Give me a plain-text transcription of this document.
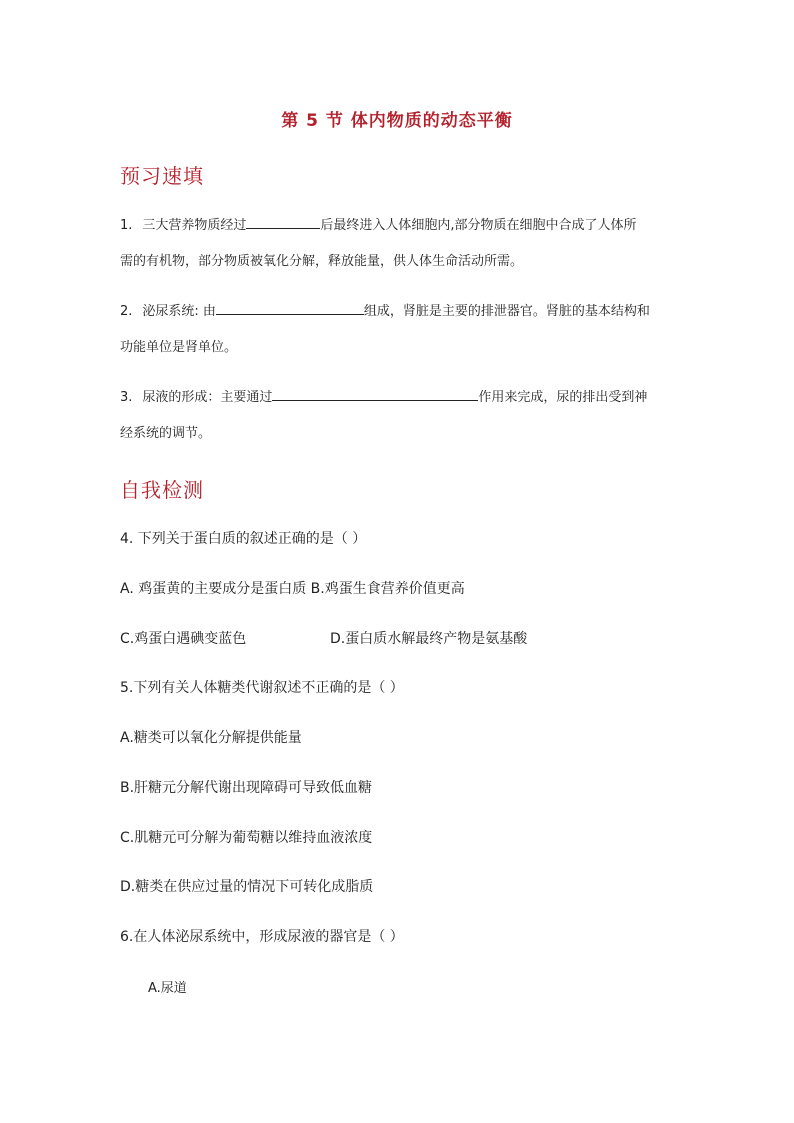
第 5 节 体内物质的动态平衡
预习速填
1. 三大营养物质经过	后最终进入人体细胞内,部分物质在细胞中合成了人体所
需的有机物，部分物质被氧化分解，释放能量，供人体生命活动所需。
2. 泌尿系统: 由	组成，肾脏是主要的排泄器官。肾脏的基本结构和
功能单位是肾单位。
3. 尿液的形成：主要通过	作用来完成，尿的排出受到神
经系统的调节。
自我检测
4. 下列关于蛋白质的叙述正确的是（ ）
A. 鸡蛋黄的主要成分是蛋白质 B.鸡蛋生食营养价值更高
C.鸡蛋白遇碘变蓝色	D.蛋白质水解最终产物是氨基酸
5.下列有关人体糖类代谢叙述不正确的是（ ）
A.糖类可以氧化分解提供能量
B.肝糖元分解代谢出现障碍可导致低血糖
C.肌糖元可分解为葡萄糖以维持血液浓度
D.糖类在供应过量的情况下可转化成脂质
6.在人体泌尿系统中，形成尿液的器官是（ ）
A.尿道
